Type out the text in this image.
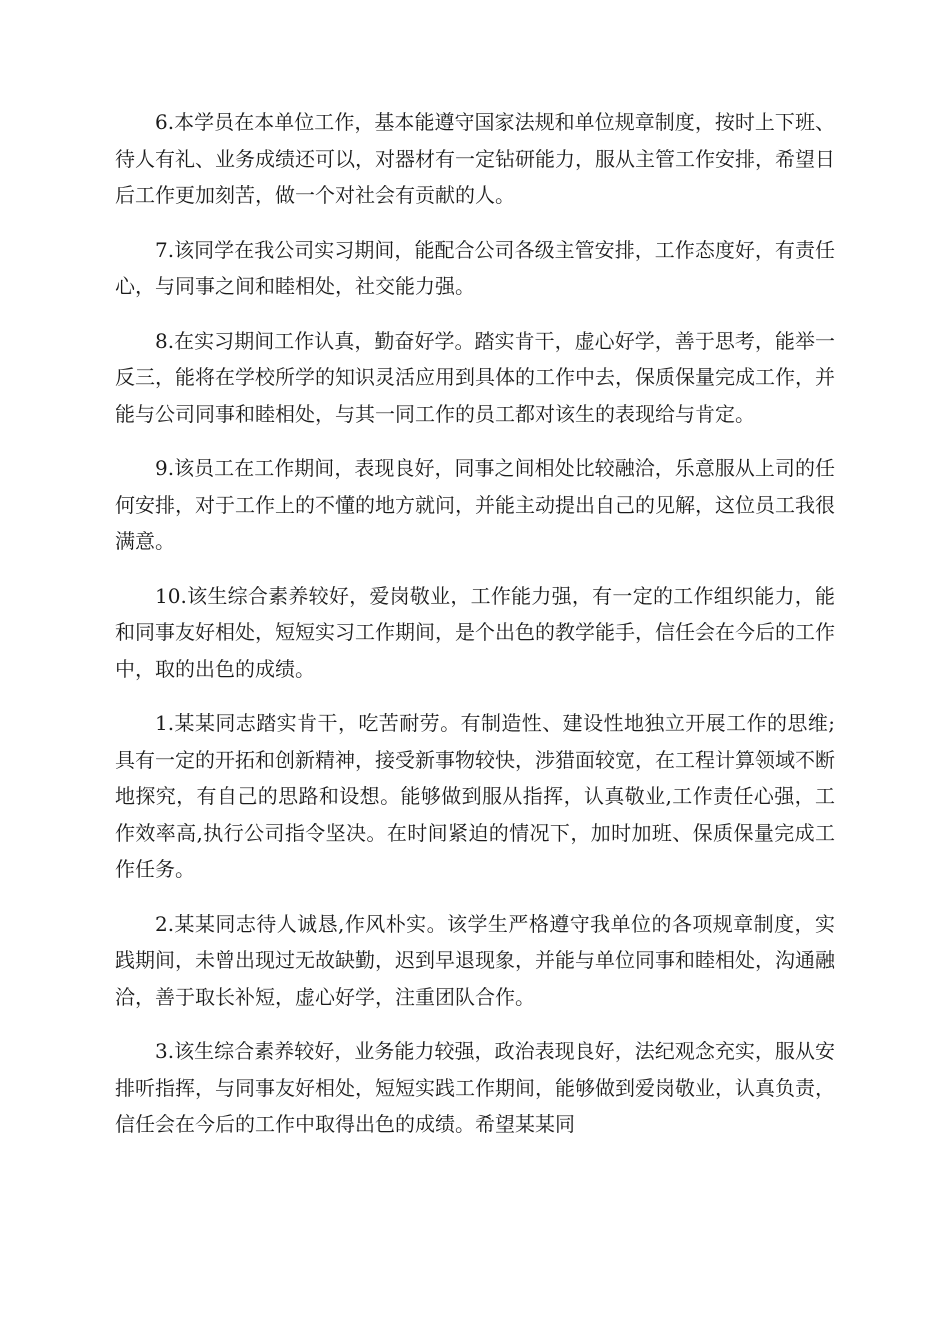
6.本学员在本单位工作，基本能遵守国家法规和单位规章制度，按时上下班、待人有礼、业务成绩还可以，对器材有一定钻研能力，服从主管工作安排，希望日后工作更加刻苦，做一个对社会有贡献的人。

7.该同学在我公司实习期间，能配合公司各级主管安排，工作态度好，有责任心，与同事之间和睦相处，社交能力强。

8.在实习期间工作认真，勤奋好学。踏实肯干，虚心好学，善于思考，能举一反三，能将在学校所学的知识灵活应用到具体的工作中去，保质保量完成工作，并能与公司同事和睦相处，与其一同工作的员工都对该生的表现给与肯定。

9.该员工在工作期间，表现良好，同事之间相处比较融洽，乐意服从上司的任何安排，对于工作上的不懂的地方就问，并能主动提出自己的见解，这位员工我很满意。

10.该生综合素养较好，爱岗敬业，工作能力强，有一定的工作组织能力，能和同事友好相处，短短实习工作期间，是个出色的教学能手，信任会在今后的工作中，取的出色的成绩。

1.某某同志踏实肯干，吃苦耐劳。有制造性、建设性地独立开展工作的思维;具有一定的开拓和创新精神，接受新事物较快，涉猎面较宽，在工程计算领域不断地探究，有自己的思路和设想。能够做到服从指挥，认真敬业,工作责任心强，工作效率高,执行公司指令坚决。在时间紧迫的情况下，加时加班、保质保量完成工作任务。

2.某某同志待人诚恳,作风朴实。该学生严格遵守我单位的各项规章制度，实践期间，未曾出现过无故缺勤，迟到早退现象，并能与单位同事和睦相处，沟通融洽，善于取长补短，虚心好学，注重团队合作。

3.该生综合素养较好，业务能力较强，政治表现良好，法纪观念充实，服从安排听指挥，与同事友好相处，短短实践工作期间，能够做到爱岗敬业，认真负责，信任会在今后的工作中取得出色的成绩。希望某某同
